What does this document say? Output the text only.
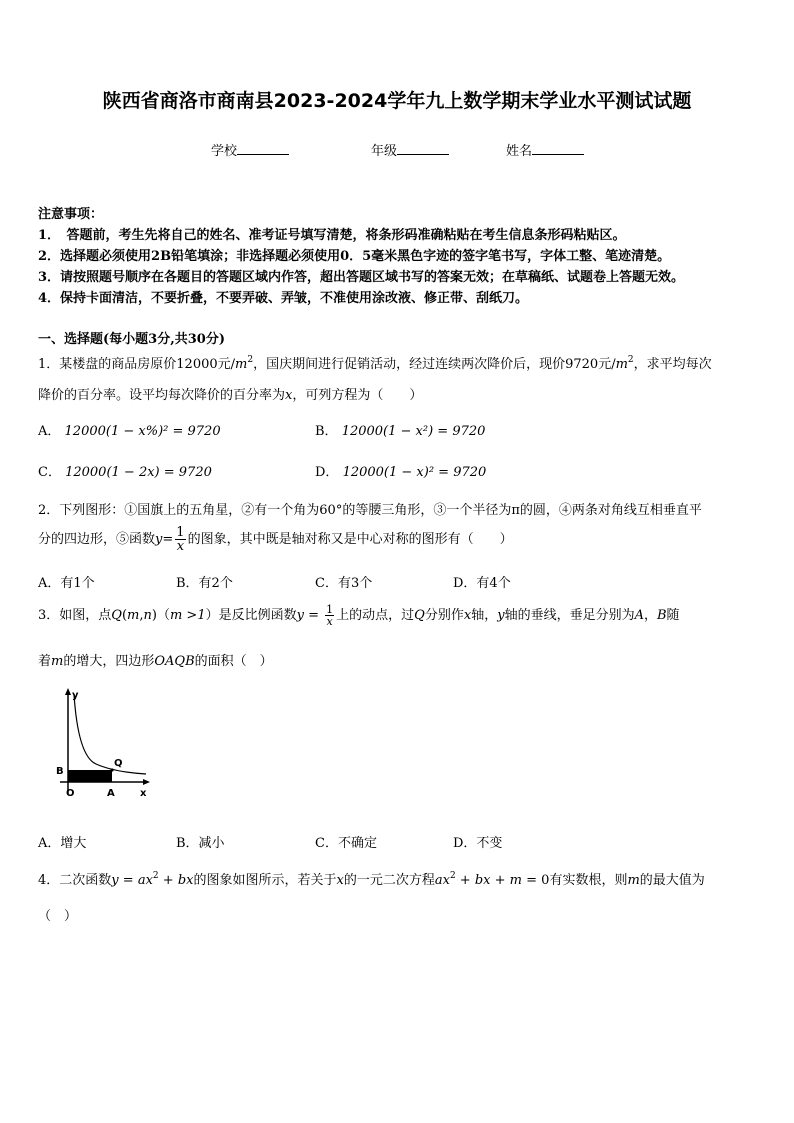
陕西省商洛市商南县2023-2024学年九上数学期末学业水平测试试题
学校	年级	姓名
注意事项：
1．　答题前，考生先将自己的姓名、准考证号填写清楚，将条形码准确粘贴在考生信息条形码粘贴区。
2．选择题必须使用2B铅笔填涂；非选择题必须使用0．5毫米黑色字迹的签字笔书写，字体工整、笔迹清楚。
3．请按照题号顺序在各题目的答题区域内作答，超出答题区域书写的答案无效；在草稿纸、试题卷上答题无效。
4．保持卡面清洁，不要折叠，不要弄破、弄皱，不准使用涂改液、修正带、刮纸刀。
一、选择题(每小题3分,共30分)
1．某楼盘的商品房原价12000元$/m^2$，国庆期间进行促销活动，经过连续两次降价后，现价9720元$/m^2$，求平均每次
降价的百分率。设平均每次降价的百分率为x，可列方程为（　　）
A． 12000(1 − x%)² = 9720	B． 12000(1 − x²) = 9720
C． 12000(1 − 2x) = 9720	D． 12000(1 − x)² = 9720
2．下列图形：①国旗上的五角星，②有一个角为60°的等腰三角形，③一个半径为π的圆，④两条对角线互相垂直平
分的四边形，⑤函数$y= \frac{1}{x}$ 的图象，其中既是轴对称又是中心对称的图形有（　　）
A．有1个	B．有2个	C．有3个	D．有4个
3．如图，点Q(m,n)（m >1）是反比例函数$y = \frac{1}{x}$ 上的动点，过Q分别作x轴，y轴的垂线，垂足分别为A，B随
着m的增大，四边形OAQB的面积（　）
y
x
O	A
B
Q
A．增大	B．减小	C．不确定	D．不变
4．二次函数$y = ax^2$ + bx的图象如图所示，若关于x的一元二次方程$ax^2$ + bx + m = 0有实数根，则m的最大值为
（　）
